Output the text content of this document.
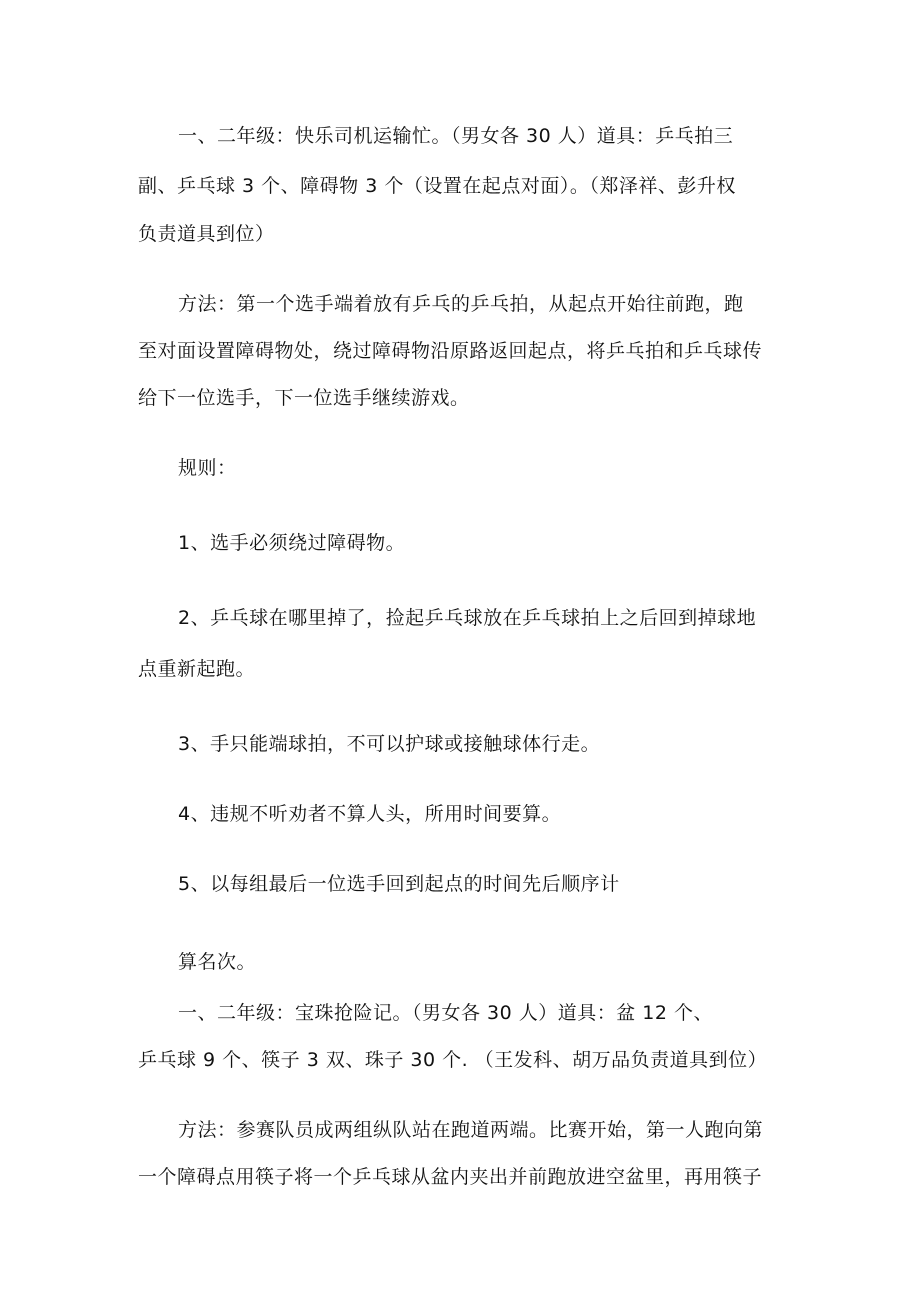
一、二年级：快乐司机运输忙。（男女各 30 人）道具：乒乓拍三

副、乒乓球 3 个、障碍物 3 个（设置在起点对面）。（郑泽祥、彭升权

负责道具到位）

方法：第一个选手端着放有乒乓的乒乓拍，从起点开始往前跑，跑

至对面设置障碍物处，绕过障碍物沿原路返回起点，将乒乓拍和乒乓球传

给下一位选手，下一位选手继续游戏。

规则：

1、选手必须绕过障碍物。

2、乒乓球在哪里掉了，捡起乒乓球放在乒乓球拍上之后回到掉球地

点重新起跑。

3、手只能端球拍，不可以护球或接触球体行走。

4、违规不听劝者不算人头，所用时间要算。

5、以每组最后一位选手回到起点的时间先后顺序计

算名次。

一、二年级：宝珠抢险记。（男女各 30 人）道具：盆 12 个、

乒乓球 9 个、筷子 3 双、珠子 30 个. （王发科、胡万品负责道具到位）

方法：参赛队员成两组纵队站在跑道两端。比赛开始，第一人跑向第

一个障碍点用筷子将一个乒乓球从盆内夹出并前跑放进空盆里，再用筷子
